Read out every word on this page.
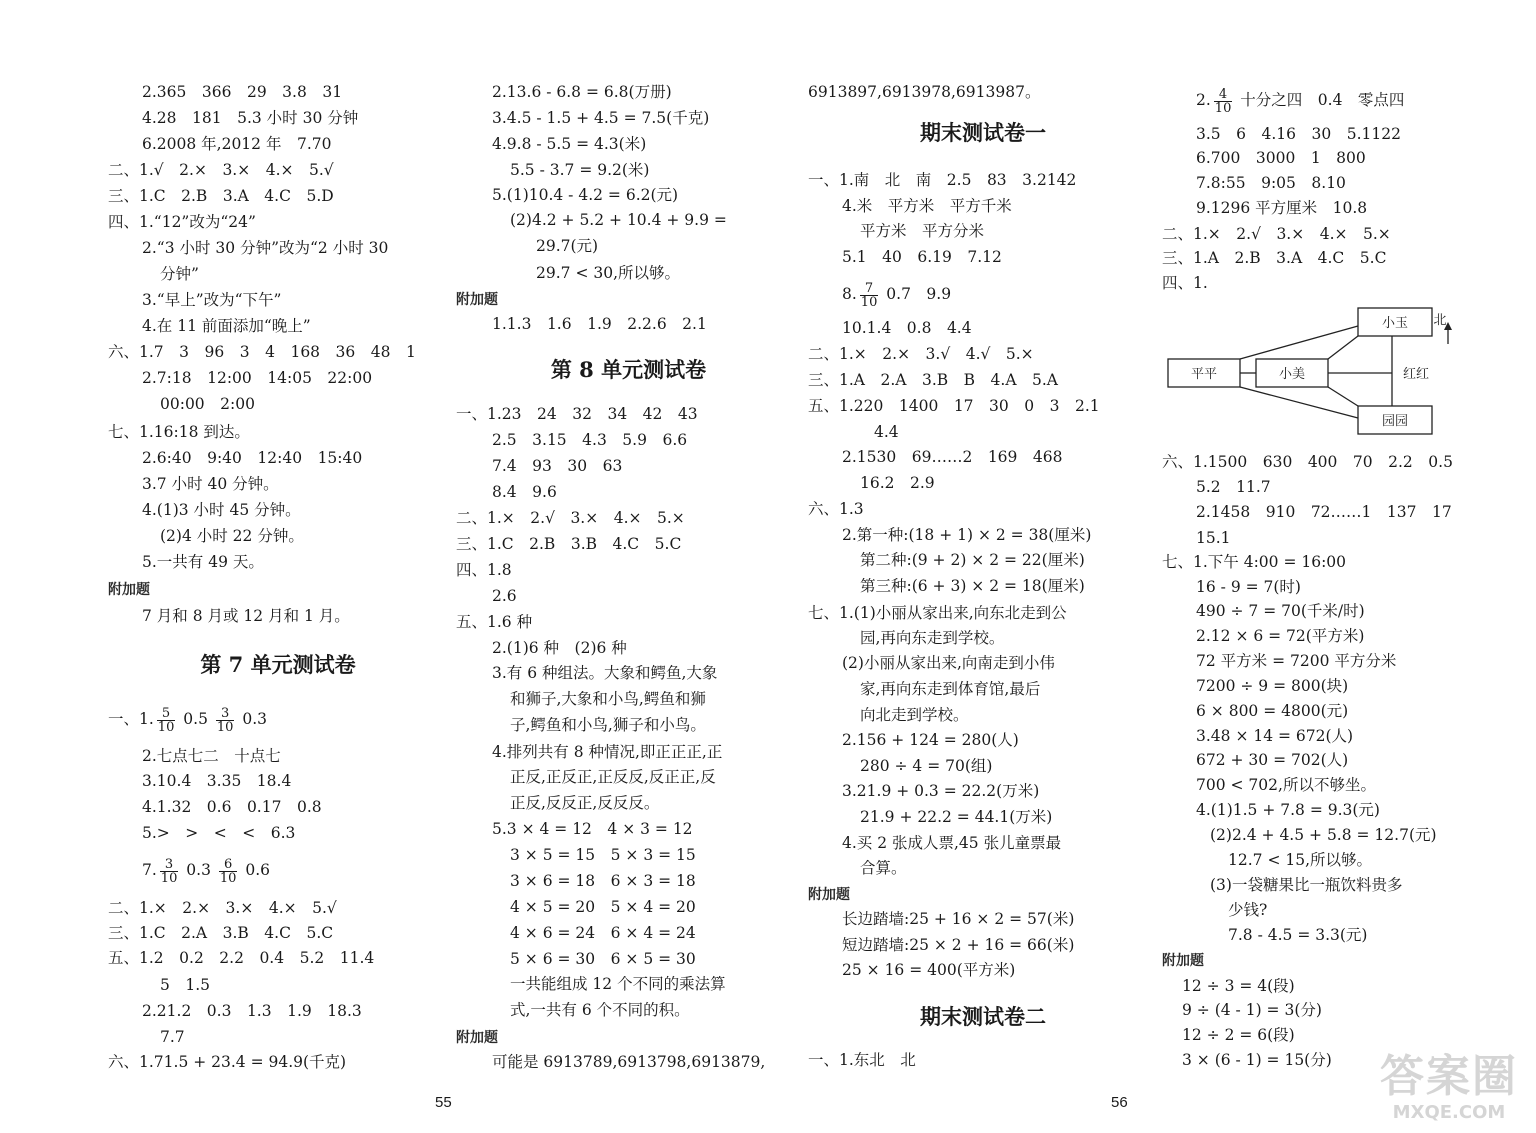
2.365　366　29　3.8　31
4.28　181　5.3 小时 30 分钟
6.2008 年,2012 年　7.70
二、1.√　2.×　3.×　4.×　5.√
三、1.C　2.B　3.A　4.C　5.D
四、1.“12”改为“24”
2.“3 小时 30 分钟”改为“2 小时 30
分钟”
3.“早上”改为“下午”
4.在 11 前面添加“晚上”
六、1.7　3　96　3　4　168　36　48　1
2.7:18　12:00　14:05　22:00
00:00　2:00
七、1.16:18 到达。
2.6:40　9:40　12:40　15:40
3.7 小时 40 分钟。
4.(1)3 小时 45 分钟。
(2)4 小时 22 分钟。
5.一共有 49 天。
附加题
7 月和 8 月或 12 月和 1 月。
第 7 单元测试卷
一、1. $\frac{5}{10} 0.5 \frac{3}{10} 0.3$
2.七点七二　十点七
3.10.4　3.35　18.4
4.1.32　0.6　0.17　0.8
5.>　>　<　<　6.3
7. $\frac{3}{10} 0.3 \frac{6}{10} 0.6$
二、1.×　2.×　3.×　4.×　5.√
三、1.C　2.A　3.B　4.C　5.C
五、1.2　0.2　2.2　0.4　5.2　11.4
5　1.5
2.21.2　0.3　1.3　1.9　18.3
7.7
六、1.71.5 + 23.4 = 94.9(千克)
2.13.6 - 6.8 = 6.8(万册)
3.4.5 - 1.5 + 4.5 = 7.5(千克)
4.9.8 - 5.5 = 4.3(米)
5.5 - 3.7 = 9.2(米)
5.(1)10.4 - 4.2 = 6.2(元)
(2)4.2 + 5.2 + 10.4 + 9.9 =
29.7(元)
29.7 < 30,所以够。
附加题
1.1.3　1.6　1.9　2.2.6　2.1
第 8 单元测试卷
一、1.23　24　32　34　42　43
2.5　3.15　4.3　5.9　6.6
7.4　93　30　63
8.4　9.6
二、1.×　2.√　3.×　4.×　5.×
三、1.C　2.B　3.B　4.C　5.C
四、1.8
2.6
五、1.6 种
2.(1)6 种　(2)6 种
3.有 6 种组法。大象和鳄鱼,大象
和狮子,大象和小鸟,鳄鱼和狮
子,鳄鱼和小鸟,狮子和小鸟。
4.排列共有 8 种情况,即正正正,正
正反,正反正,正反反,反正正,反
正反,反反正,反反反。
5.3 × 4 = 12　4 × 3 = 12
3 × 5 = 15　5 × 3 = 15
3 × 6 = 18　6 × 3 = 18
4 × 5 = 20　5 × 4 = 20
4 × 6 = 24　6 × 4 = 24
5 × 6 = 30　6 × 5 = 30
一共能组成 12 个不同的乘法算
式,一共有 6 个不同的积。
附加题
可能是 6913789,6913798,6913879,
6913897,6913978,6913987。
期末测试卷一
一、1.南　北　南　2.5　83　3.2142
4.米　平方米　平方千米
平方米　平方分米
5.1　40　6.19　7.12
8. $\frac{7}{10} 0.7$　9.9
10.1.4　0.8　4.4
二、1.×　2.×　3.√　4.√　5.×
三、1.A　2.A　3.B　B　4.A　5.A
五、1.220　1400　17　30　0　3　2.1
4.4
2.1530　69……2　169　468
16.2　2.9
六、1.3
2.第一种:(18 + 1) × 2 = 38(厘米)
第二种:(9 + 2) × 2 = 22(厘米)
第三种:(6 + 3) × 2 = 18(厘米)
七、1.(1)小丽从家出来,向东北走到公
园,再向东走到学校。
(2)小丽从家出来,向南走到小伟
家,再向东走到体育馆,最后
向北走到学校。
2.156 + 124 = 280(人)
280 ÷ 4 = 70(组)
3.21.9 + 0.3 = 22.2(万米)
21.9 + 22.2 = 44.1(万米)
4.买 2 张成人票,45 张儿童票最
合算。
附加题
长边踏墙:25 + 16 × 2 = 57(米)
短边踏墙:25 × 2 + 16 = 66(米)
25 × 16 = 400(平方米)
期末测试卷二
一、1.东北　北
2. $\frac{4}{10}$ 十分之四　0.4　零点四
3.5　6　4.16　30　5.1122
6.700　3000　1　800
7.8:55　9:05　8.10
9.1296 平方厘米　10.8
二、1.×　2.√　3.×　4.×　5.×
三、1.A　2.B　3.A　4.C　5.C
四、1.
六、1.1500　630　400　70　2.2　0.5
5.2　11.7
2.1458　910　72……1　137　17
15.1
七、1.下午 4:00 = 16:00
16 - 9 = 7(时)
490 ÷ 7 = 70(千米/时)
2.12 × 6 = 72(平方米)
72 平方米 = 7200 平方分米
7200 ÷ 9 = 800(块)
6 × 800 = 4800(元)
3.48 × 14 = 672(人)
672 + 30 = 702(人)
700 < 702,所以不够坐。
4.(1)1.5 + 7.8 = 9.3(元)
(2)2.4 + 4.5 + 5.8 = 12.7(元)
12.7 < 15,所以够。
(3)一袋糖果比一瓶饮料贵多
少钱?
7.8 - 4.5 = 3.3(元)
附加题
12 ÷ 3 = 4(段)
9 ÷ (4 - 1) = 3(分)
12 ÷ 2 = 6(段)
3 × (6 - 1) = 15(分)
平平	小美
小玉
园园
红红
北
55	56
答案圈
MXQE.COM
